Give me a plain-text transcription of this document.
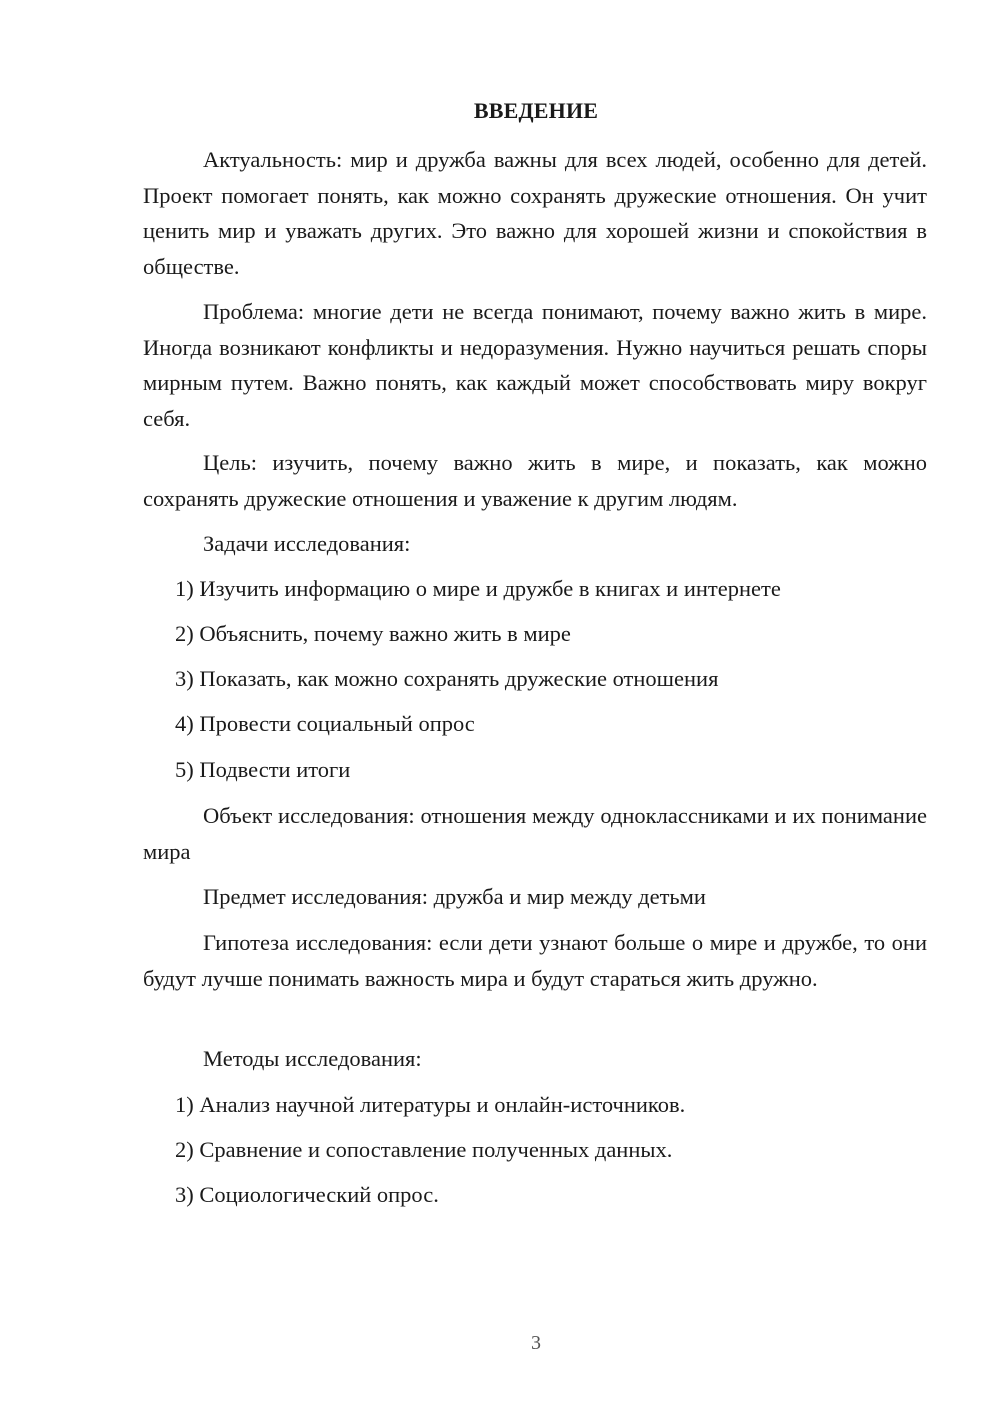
ВВЕДЕНИЕ

Актуальность: мир и дружба важны для всех людей, особенно для детей. Проект помогает понять, как можно сохранять дружеские отношения. Он учит ценить мир и уважать других. Это важно для хорошей жизни и спокойствия в обществе.

Проблема: многие дети не всегда понимают, почему важно жить в мире. Иногда возникают конфликты и недоразумения. Нужно научиться решать споры мирным путем. Важно понять, как каждый может способствовать миру вокруг себя.

Цель: изучить, почему важно жить в мире, и показать, как можно сохранять дружеские отношения и уважение к другим людям.

Задачи исследования:

1) Изучить информацию о мире и дружбе в книгах и интернете

2) Объяснить, почему важно жить в мире

3) Показать, как можно сохранять дружеские отношения

4) Провести социальный опрос

5) Подвести итоги

Объект исследования: отношения между одноклассниками и их понимание мира

Предмет исследования: дружба и мир между детьми

Гипотеза исследования: если дети узнают больше о мире и дружбе, то они будут лучше понимать важность мира и будут стараться жить дружно.

Методы исследования:

1) Анализ научной литературы и онлайн-источников.

2) Сравнение и сопоставление полученных данных.

3) Социологический опрос.

3
